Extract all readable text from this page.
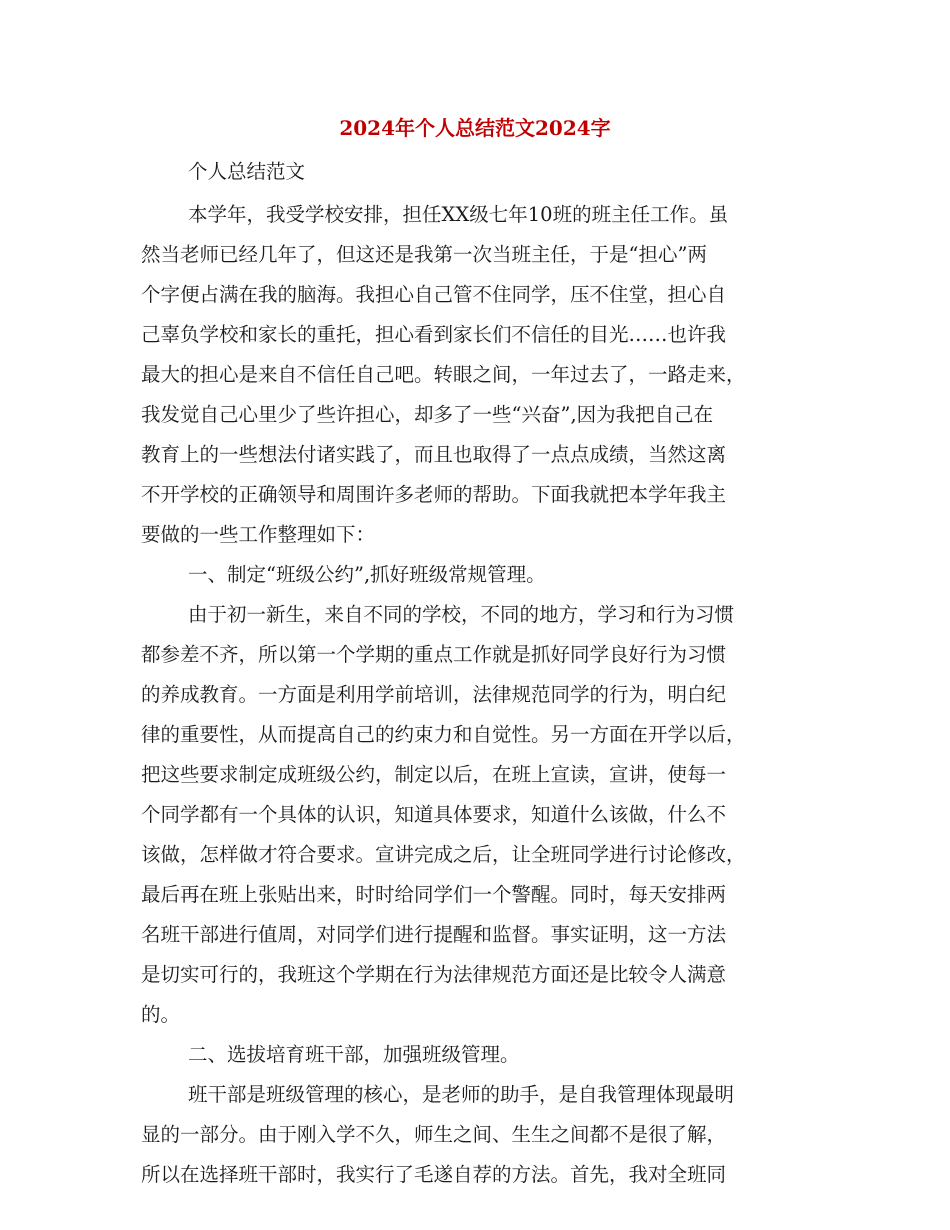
2024年个人总结范文2024字
个人总结范文
本学年，我受学校安排，担任XX级七年10班的班主任工作。虽
然当老师已经几年了，但这还是我第一次当班主任，于是“担心”两
个字便占满在我的脑海。我担心自己管不住同学，压不住堂，担心自
己辜负学校和家长的重托，担心看到家长们不信任的目光……也许我
最大的担心是来自不信任自己吧。转眼之间，一年过去了，一路走来，
我发觉自己心里少了些许担心，却多了一些“兴奋”,因为我把自己在
教育上的一些想法付诸实践了，而且也取得了一点点成绩，当然这离
不开学校的正确领导和周围许多老师的帮助。下面我就把本学年我主
要做的一些工作整理如下：
一、制定“班级公约”,抓好班级常规管理。
由于初一新生，来自不同的学校，不同的地方，学习和行为习惯
都参差不齐，所以第一个学期的重点工作就是抓好同学良好行为习惯
的养成教育。一方面是利用学前培训，法律规范同学的行为，明白纪
律的重要性，从而提高自己的约束力和自觉性。另一方面在开学以后，
把这些要求制定成班级公约，制定以后，在班上宣读，宣讲，使每一
个同学都有一个具体的认识，知道具体要求，知道什么该做，什么不
该做，怎样做才符合要求。宣讲完成之后，让全班同学进行讨论修改，
最后再在班上张贴出来，时时给同学们一个警醒。同时，每天安排两
名班干部进行值周，对同学们进行提醒和监督。事实证明，这一方法
是切实可行的，我班这个学期在行为法律规范方面还是比较令人满意
的。
二、选拔培育班干部，加强班级管理。
班干部是班级管理的核心，是老师的助手，是自我管理体现最明
显的一部分。由于刚入学不久，师生之间、生生之间都不是很了解，
所以在选择班干部时，我实行了毛遂自荐的方法。首先，我对全班同
